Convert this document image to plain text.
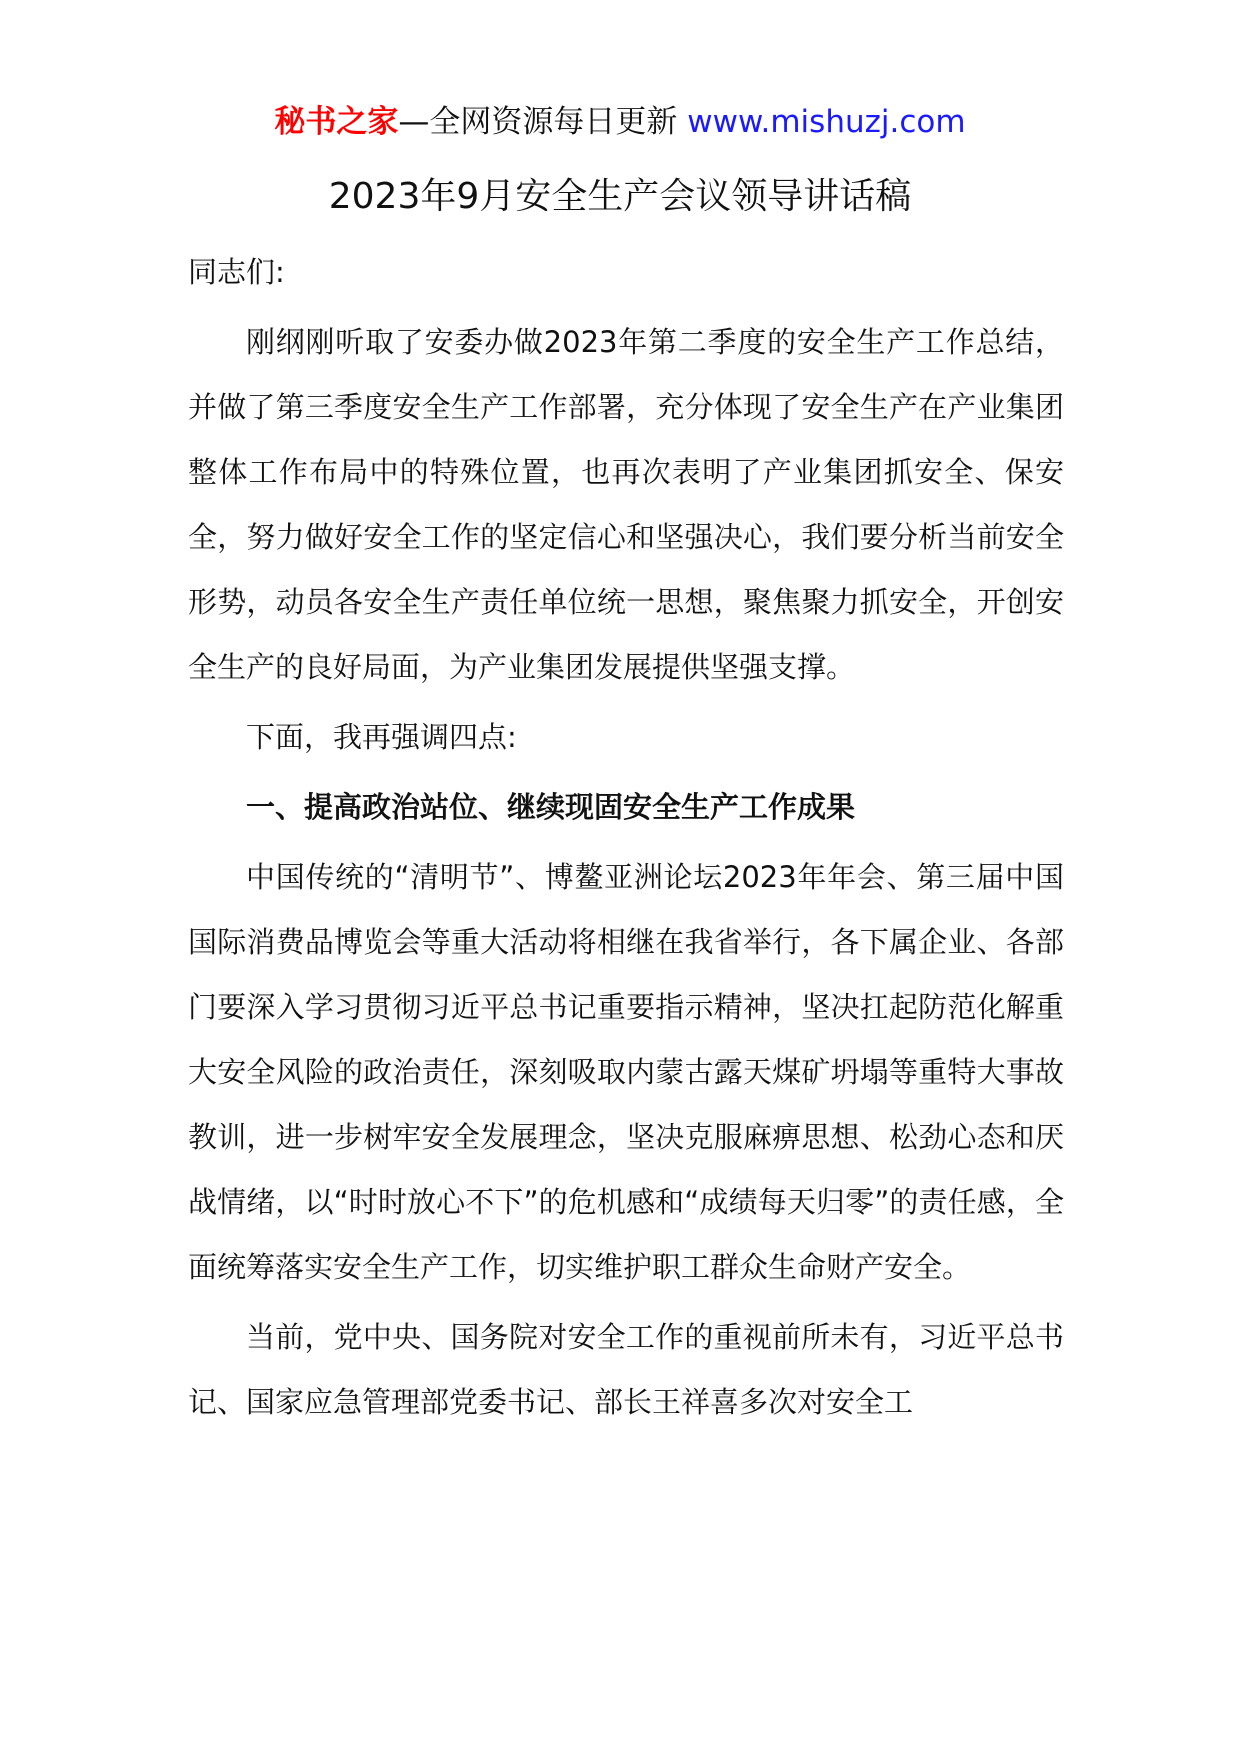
秘书之家—全网资源每日更新 www.mishuzj.com
2023年9月安全生产会议领导讲话稿

同志们:

刚纲刚听取了安委办做2023年第二季度的安全生产工作总结，并做了第三季度安全生产工作部署，充分体现了安全生产在产业集团整体工作布局中的特殊位置，也再次表明了产业集团抓安全、保安全，努力做好安全工作的坚定信心和坚强决心，我们要分析当前安全形势，动员各安全生产责任单位统一思想，聚焦聚力抓安全，开创安全生产的良好局面，为产业集团发展提供坚强支撑。

下面，我再强调四点:

一、提高政治站位、继续现固安全生产工作成果

中国传统的“清明节”、博鳌亚洲论坛2023年年会、第三届中国国际消费品博览会等重大活动将相继在我省举行，各下属企业、各部门要深入学习贯彻习近平总书记重要指示精神，坚决扛起防范化解重大安全风险的政治责任，深刻吸取内蒙古露天煤矿坍塌等重特大事故教训，进一步树牢安全发展理念，坚决克服麻痹思想、松劲心态和厌战情绪，以“时时放心不下”的危机感和“成绩每天归零”的责任感，全面统筹落实安全生产工作，切实维护职工群众生命财产安全。

当前，党中央、国务院对安全工作的重视前所未有，习近平总书记、国家应急管理部党委书记、部长王祥喜多次对安全工
